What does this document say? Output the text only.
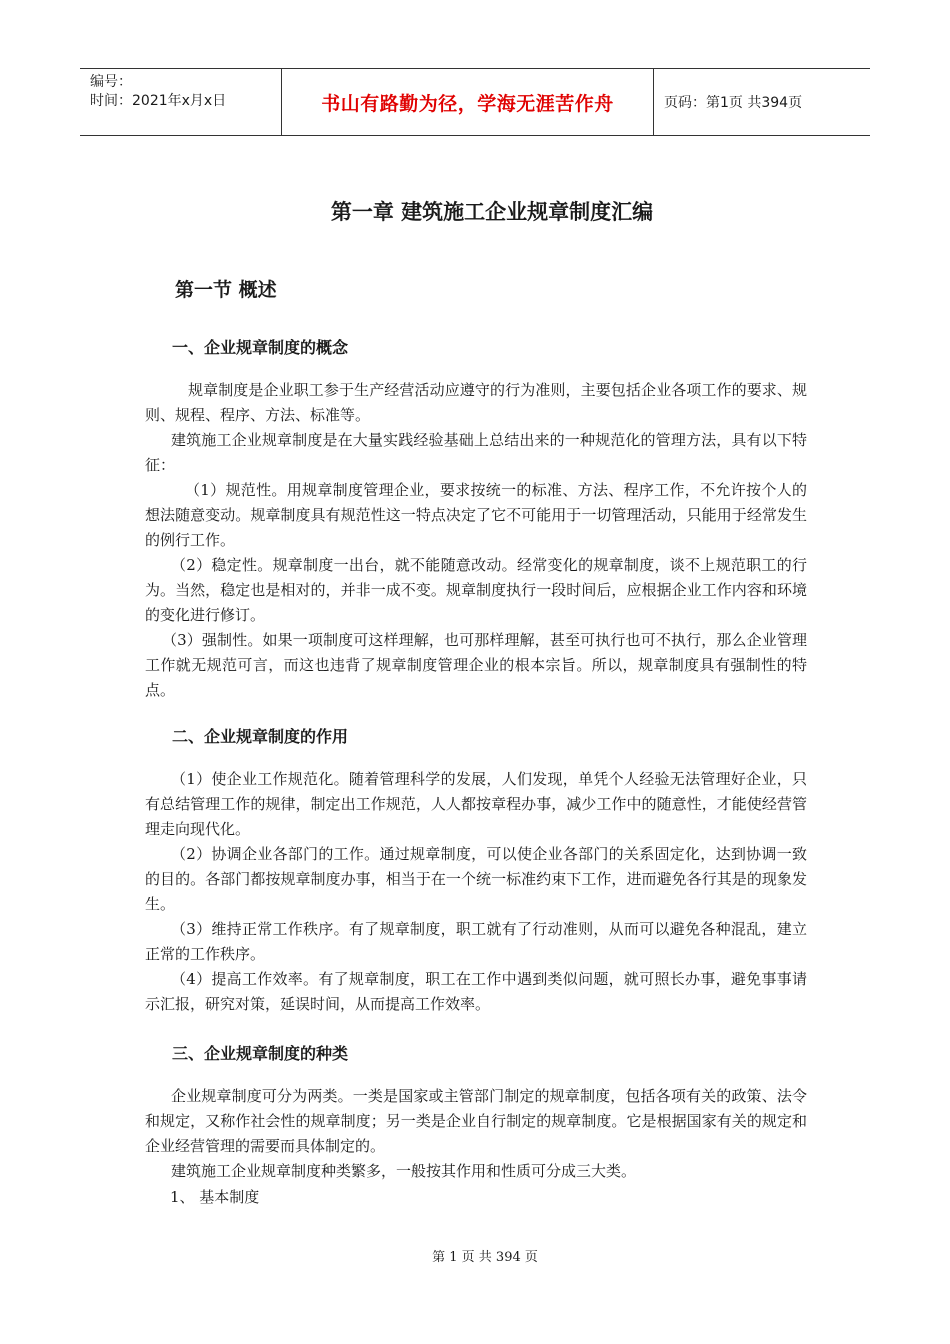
编号：
时间：2021年x月x日	书山有路勤为径，学海无涯苦作舟	页码：第1页 共394页
第一章 建筑施工企业规章制度汇编
第一节 概述
一、企业规章制度的概念

规章制度是企业职工参于生产经营活动应遵守的行为准则，主要包括企业各项工作的要求、规则、规程、程序、方法、标准等。

建筑施工企业规章制度是在大量实践经验基础上总结出来的一种规范化的管理方法，具有以下特征：

（1）规范性。用规章制度管理企业，要求按统一的标准、方法、程序工作，不允许按个人的想法随意变动。规章制度具有规范性这一特点决定了它不可能用于一切管理活动，只能用于经常发生的例行工作。

（2）稳定性。规章制度一出台，就不能随意改动。经常变化的规章制度，谈不上规范职工的行为。当然，稳定也是相对的，并非一成不变。规章制度执行一段时间后，应根据企业工作内容和环境的变化进行修订。

（3）强制性。如果一项制度可这样理解，也可那样理解，甚至可执行也可不执行，那么企业管理工作就无规范可言，而这也违背了规章制度管理企业的根本宗旨。所以，规章制度具有强制性的特点。

二、企业规章制度的作用

（1）使企业工作规范化。随着管理科学的发展，人们发现，单凭个人经验无法管理好企业，只有总结管理工作的规律，制定出工作规范，人人都按章程办事，减少工作中的随意性，才能使经营管理走向现代化。

（2）协调企业各部门的工作。通过规章制度，可以使企业各部门的关系固定化，达到协调一致的目的。各部门都按规章制度办事，相当于在一个统一标准约束下工作，进而避免各行其是的现象发生。

（3）维持正常工作秩序。有了规章制度，职工就有了行动准则，从而可以避免各种混乱，建立正常的工作秩序。

（4）提高工作效率。有了规章制度，职工在工作中遇到类似问题，就可照长办事，避免事事请示汇报，研究对策，延误时间，从而提高工作效率。

三、企业规章制度的种类

企业规章制度可分为两类。一类是国家或主管部门制定的规章制度，包括各项有关的政策、法令和规定，又称作社会性的规章制度；另一类是企业自行制定的规章制度。它是根据国家有关的规定和企业经营管理的需要而具体制定的。

建筑施工企业规章制度种类繁多，一般按其作用和性质可分成三大类。

1、 基本制度
第 1 页 共 394 页
